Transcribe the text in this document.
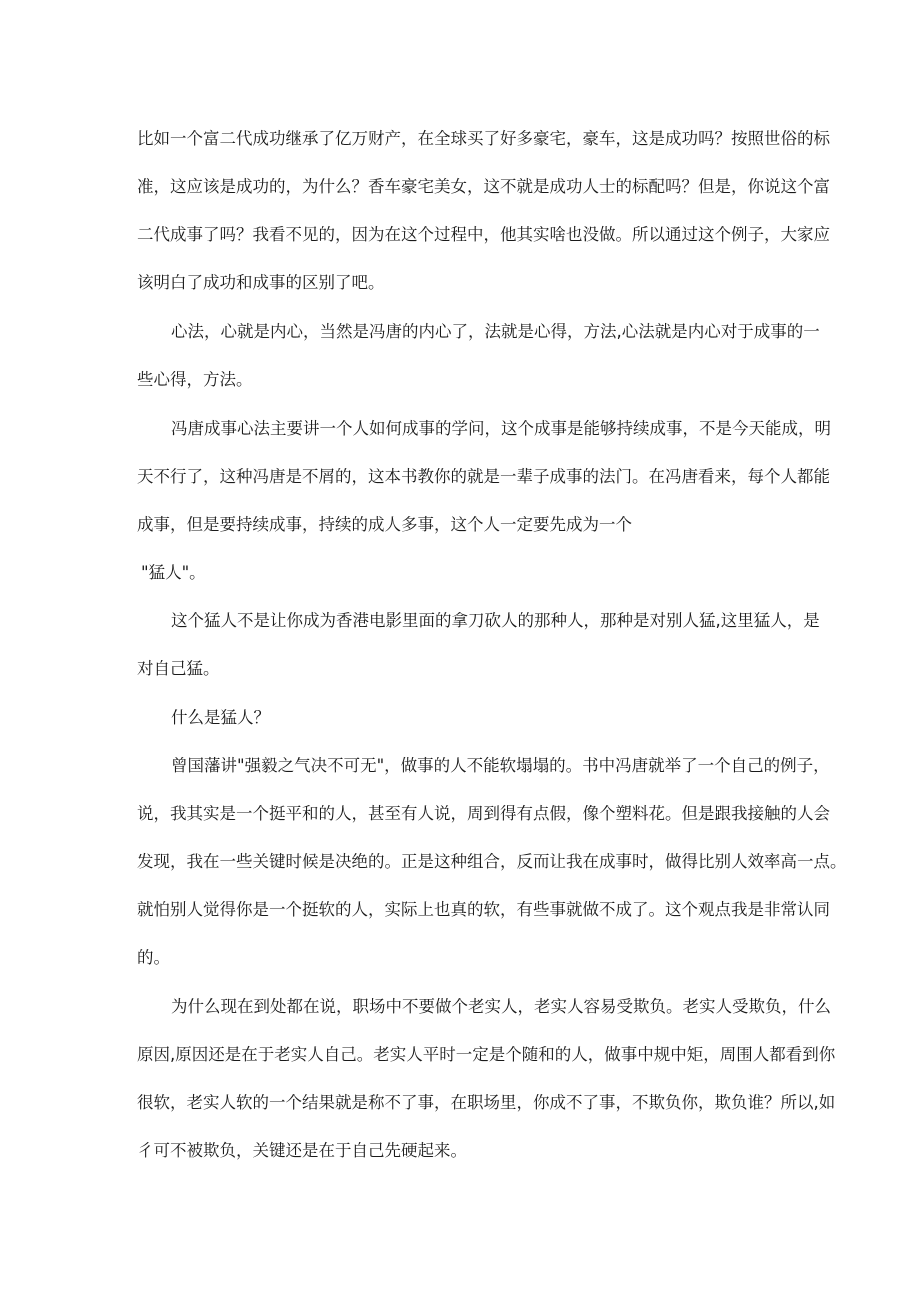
比如一个富二代成功继承了亿万财产，在全球买了好多豪宅，豪车，这是成功吗？按照世俗的标
准，这应该是成功的，为什么？香车豪宅美女，这不就是成功人士的标配吗？但是，你说这个富
二代成事了吗？我看不见的，因为在这个过程中，他其实啥也没做。所以通过这个例子，大家应
该明白了成功和成事的区别了吧。
心法，心就是内心，当然是冯唐的内心了，法就是心得，方法,心法就是内心对于成事的一
些心得，方法。
冯唐成事心法主要讲一个人如何成事的学问，这个成事是能够持续成事，不是今天能成，明
天不行了，这种冯唐是不屑的，这本书教你的就是一辈子成事的法门。在冯唐看来，每个人都能
成事，但是要持续成事，持续的成人多事，这个人一定要先成为一个
"猛人"。
这个猛人不是让你成为香港电影里面的拿刀砍人的那种人，那种是对别人猛,这里猛人，是
对自己猛。
什么是猛人？
曾国藩讲"强毅之气决不可无"，做事的人不能软塌塌的。书中冯唐就举了一个自己的例子，
说，我其实是一个挺平和的人，甚至有人说，周到得有点假，像个塑料花。但是跟我接触的人会
发现，我在一些关键时候是决绝的。正是这种组合，反而让我在成事时，做得比别人效率高一点。
就怕别人觉得你是一个挺软的人，实际上也真的软，有些事就做不成了。这个观点我是非常认同
的。
为什么现在到处都在说，职场中不要做个老实人，老实人容易受欺负。老实人受欺负，什么
原因,原因还是在于老实人自己。老实人平时一定是个随和的人，做事中规中矩，周围人都看到你
很软，老实人软的一个结果就是称不了事，在职场里，你成不了事，不欺负你，欺负谁？所以,如
彳可不被欺负，关键还是在于自己先硬起来。
